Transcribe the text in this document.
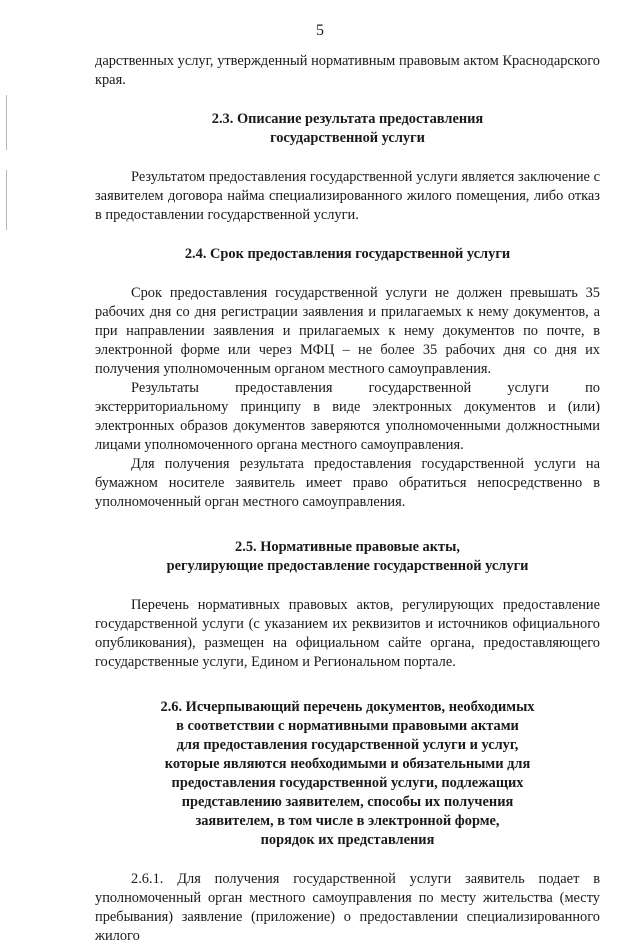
5

дарственных услуг, утвержденный нормативным правовым актом Краснодарского края.

2.3. Описание результата предоставления
государственной услуги

Результатом предоставления государственной услуги является заключение с заявителем договора найма специализированного жилого помещения, либо отказ в предоставлении государственной услуги.

2.4. Срок предоставления государственной услуги

Срок предоставления государственной услуги не должен превышать 35 рабочих дня со дня регистрации заявления и прилагаемых к нему документов, а при направлении заявления и прилагаемых к нему документов по почте, в электронной форме или через МФЦ – не более 35 рабочих дня со дня их получения уполномоченным органом местного самоуправления.

Результаты предоставления государственной услуги по экстерриториальному принципу в виде электронных документов и (или) электронных образов документов заверяются уполномоченными должностными лицами уполномоченного органа местного самоуправления.

Для получения результата предоставления государственной услуги на бумажном носителе заявитель имеет право обратиться непосредственно в уполномоченный орган местного самоуправления.

2.5. Нормативные правовые акты,
регулирующие предоставление государственной услуги

Перечень нормативных правовых актов, регулирующих предоставление государственной услуги (с указанием их реквизитов и источников официального опубликования), размещен на официальном сайте органа, предоставляющего государственные услуги, Едином и Региональном портале.

2.6. Исчерпывающий перечень документов, необходимых
в соответствии с нормативными правовыми актами
для предоставления государственной услуги и услуг,
которые являются необходимыми и обязательными для
предоставления государственной услуги, подлежащих
представлению заявителем, способы их получения
заявителем, в том числе в электронной форме,
порядок их представления

2.6.1. Для получения государственной услуги заявитель подает в уполномоченный орган местного самоуправления по месту жительства (месту пребывания) заявление (приложение) о предоставлении специализированного жилого
